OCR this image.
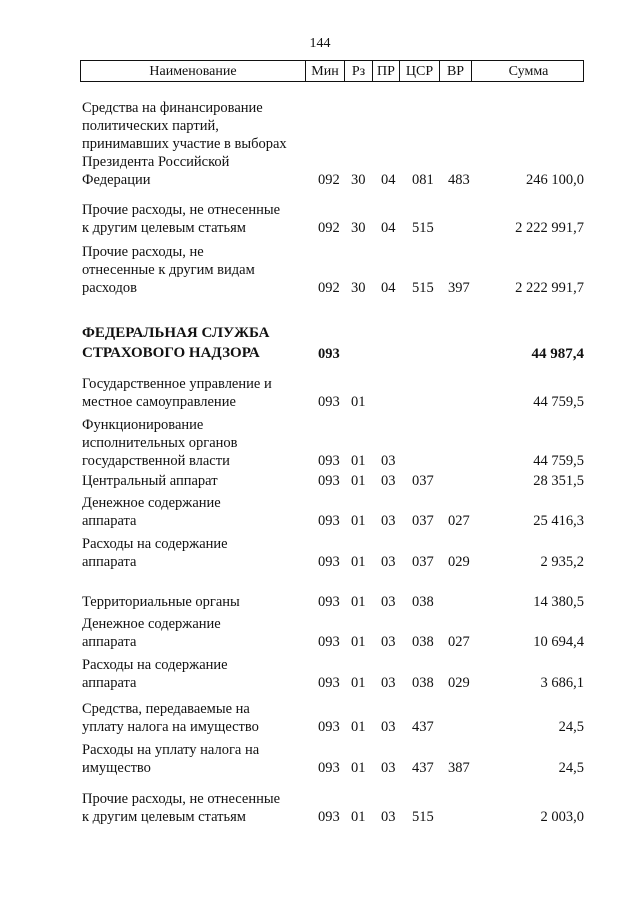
144
Наименование	Мин Рз ПР ЦСР ВР	Сумма
Средства на финансирование
политических партий,
принимавших участие в выборах
Президента Российской
Федерации	092 30 04 081 483	246 100,0
Прочие расходы, не отнесенные
к другим целевым статьям	092 30 04 515	2 222 991,7
Прочие расходы, не
отнесенные к другим видам
расходов	092 30 04 515 397	2 222 991,7
ФЕДЕРАЛЬНАЯ СЛУЖБА
СТРАХОВОГО НАДЗОРА	093	44 987,4
Государственное управление и
местное самоуправление	093 01	44 759,5
Функционирование
исполнительных органов
государственной власти	093 01 03	44 759,5
Центральный аппарат	093 01 03 037	28 351,5
Денежное содержание
аппарата	093 01 03 037 027	25 416,3
Расходы на содержание
аппарата	093 01 03 037 029	2 935,2
Территориальные органы	093 01 03 038	14 380,5
Денежное содержание
аппарата	093 01 03 038 027	10 694,4
Расходы на содержание
аппарата	093 01 03 038 029	3 686,1
Средства, передаваемые на
уплату налога на имущество	093 01 03 437	24,5
Расходы на уплату налога на
имущество	093 01 03 437 387	24,5
Прочие расходы, не отнесенные
к другим целевым статьям	093 01 03 515	2 003,0
